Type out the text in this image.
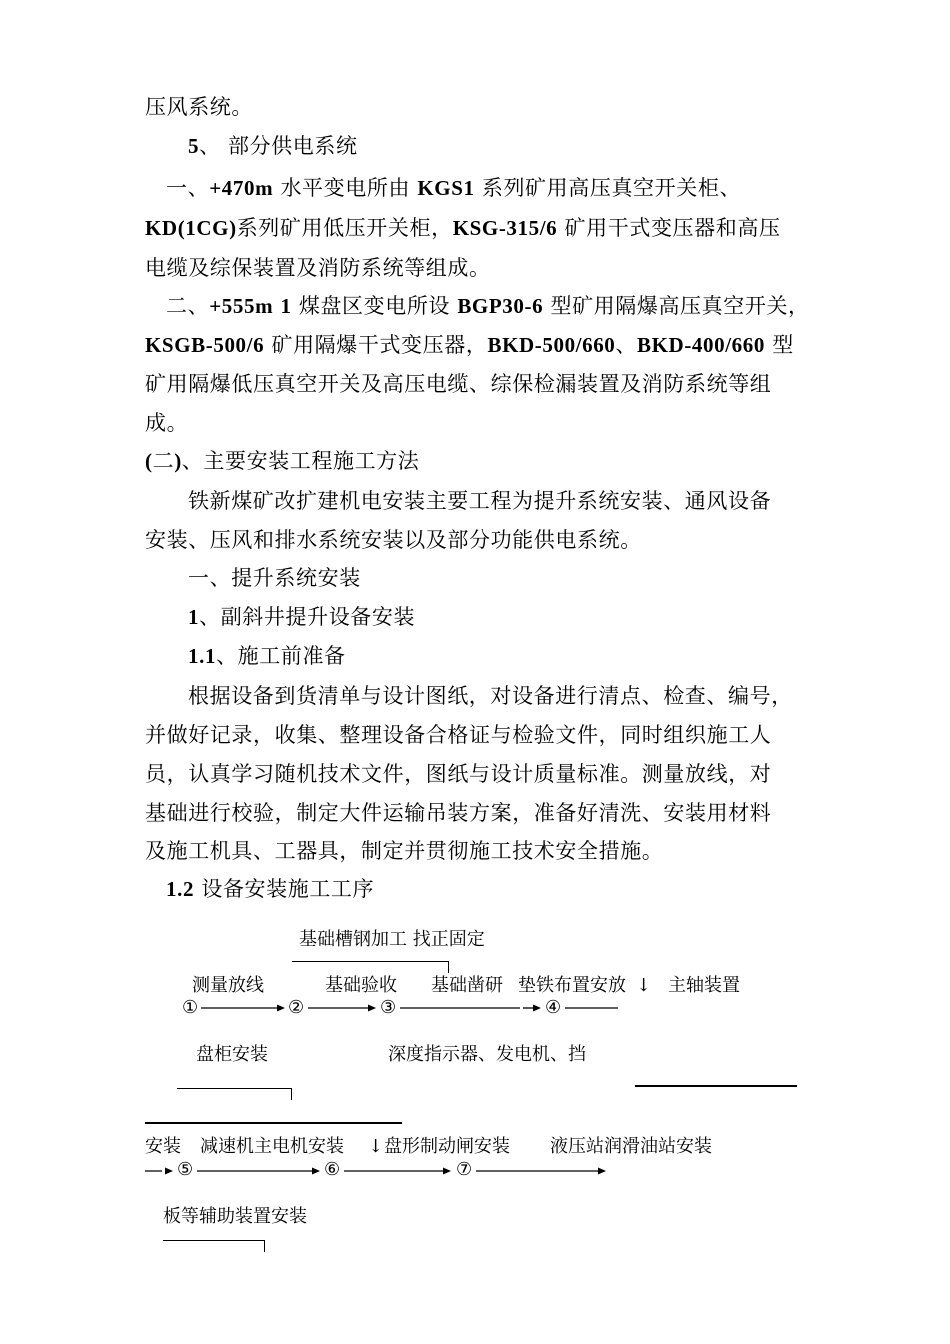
压风系统。
5、 部分供电系统
一、+470m 水平变电所由 KGS1 系列矿用高压真空开关柜、
KD(1CG)系列矿用低压开关柜，KSG-315/6 矿用干式变压器和高压
电缆及综保装置及消防系统等组成。
二、+555m 1 煤盘区变电所设 BGP30-6 型矿用隔爆高压真空开关，
KSGB-500/6 矿用隔爆干式变压器，BKD-500/660、BKD-400/660 型
矿用隔爆低压真空开关及高压电缆、综保检漏装置及消防系统等组
成。
(二)、主要安装工程施工方法
铁新煤矿改扩建机电安装主要工程为提升系统安装、通风设备
安装、压风和排水系统安装以及部分功能供电系统。
一、提升系统安装
1、副斜井提升设备安装
1.1、施工前准备
根据设备到货清单与设计图纸，对设备进行清点、检查、编号，
并做好记录，收集、整理设备合格证与检验文件，同时组织施工人
员，认真学习随机技术文件，图纸与设计质量标准。测量放线，对
基础进行校验，制定大件运输吊装方案，准备好清洗、安装用材料
及施工机具、工器具，制定并贯彻施工技术安全措施。
1.2 设备安装施工工序
基础槽钢加工 找正固定
测量放线	基础验收 基础凿研 垫铁布置安放 ↓ 主轴装置
①	②	③	④
盘柜安装	深度指示器、发电机、挡
安装 减速机主电机安装 ↓ 盘形制动闸安装 液压站润滑油站安装
⑤	⑥	⑦
板等辅助装置安装
